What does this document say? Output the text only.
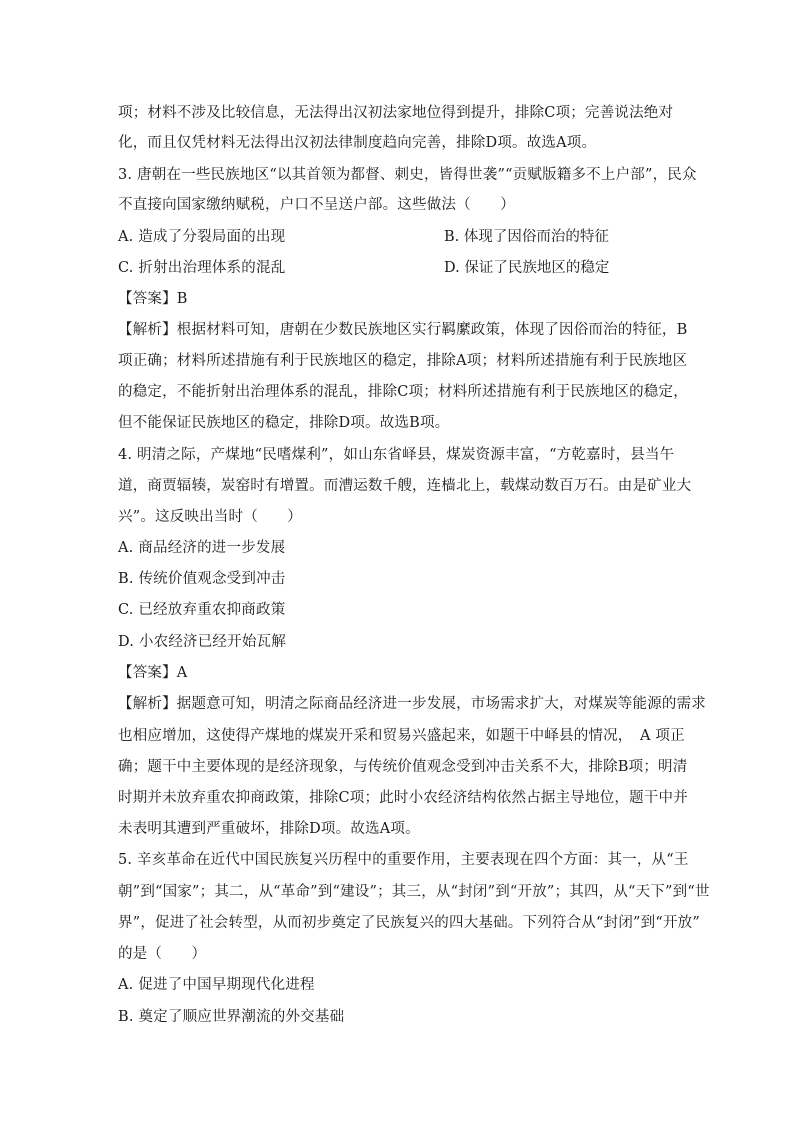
项；材料不涉及比较信息，无法得出汉初法家地位得到提升，排除C项；完善说法绝对
化，而且仅凭材料无法得出汉初法律制度趋向完善，排除D项。故选A项。
3. 唐朝在一些民族地区“以其首领为都督、刺史，皆得世袭”“贡赋版籍多不上户部”，民众
不直接向国家缴纳赋税，户口不呈送户部。这些做法（　　）
A. 造成了分裂局面的出现	B. 体现了因俗而治的特征
C. 折射出治理体系的混乱	D. 保证了民族地区的稳定
【答案】B
【解析】根据材料可知，唐朝在少数民族地区实行羁縻政策，体现了因俗而治的特征，B
项正确；材料所述措施有利于民族地区的稳定，排除A项；材料所述措施有利于民族地区
的稳定，不能折射出治理体系的混乱，排除C项；材料所述措施有利于民族地区的稳定，
但不能保证民族地区的稳定，排除D项。故选B项。
4. 明清之际，产煤地“民嗜煤利”，如山东省峄县，煤炭资源丰富，“方乾嘉时，县当午
道，商贾辐辏，炭窑时有增置。而漕运数千艘，连樯北上，载煤动数百万石。由是矿业大
兴”。这反映出当时（　　）
A. 商品经济的进一步发展
B. 传统价值观念受到冲击
C. 已经放弃重农抑商政策
D. 小农经济已经开始瓦解
【答案】A
【解析】据题意可知，明清之际商品经济进一步发展，市场需求扩大，对煤炭等能源的需求
也相应增加，这使得产煤地的煤炭开采和贸易兴盛起来，如题干中峄县的情况，　A 项正
确；题干中主要体现的是经济现象，与传统价值观念受到冲击关系不大，排除B项；明清
时期并未放弃重农抑商政策，排除C项；此时小农经济结构依然占据主导地位，题干中并
未表明其遭到严重破坏，排除D项。故选A项。
5. 辛亥革命在近代中国民族复兴历程中的重要作用，主要表现在四个方面：其一，从“王
朝”到“国家”；其二，从“革命”到“建设”；其三，从“封闭”到“开放”；其四，从“天下”到“世
界”，促进了社会转型，从而初步奠定了民族复兴的四大基础。下列符合从“封闭”到“开放”
的是（　　）
A. 促进了中国早期现代化进程
B. 奠定了顺应世界潮流的外交基础
